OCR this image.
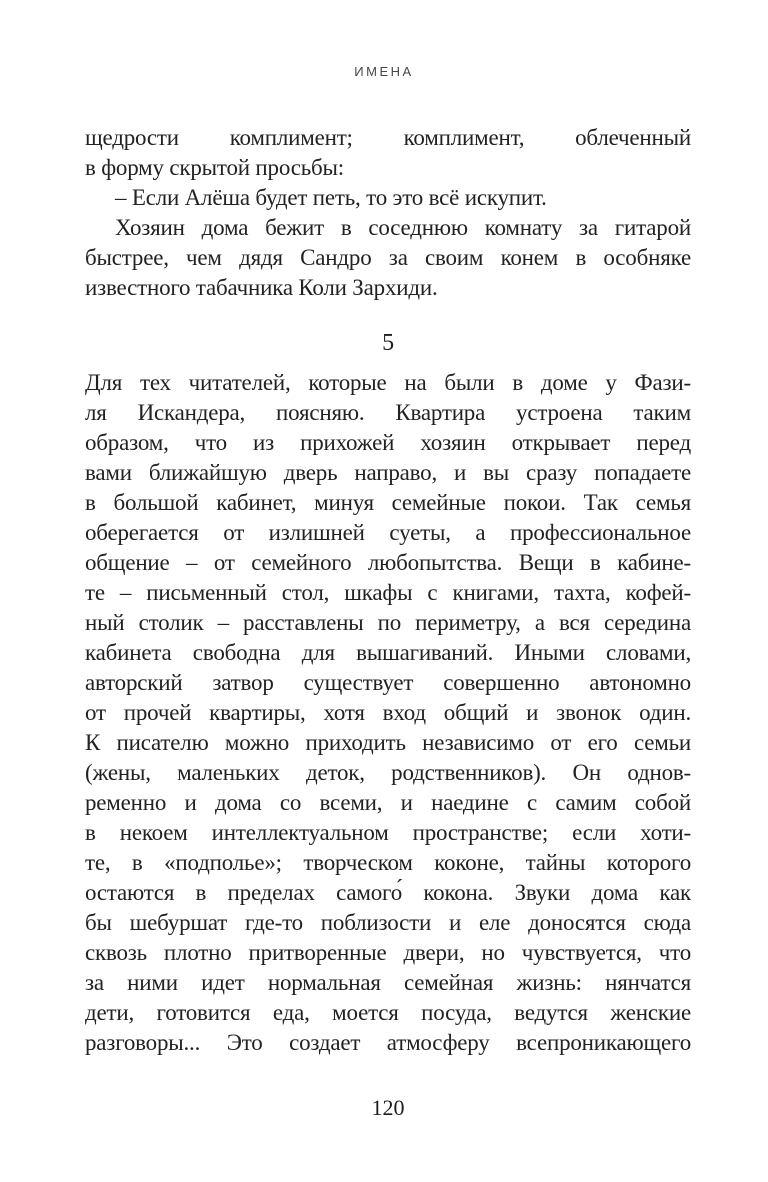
ИМЕНА
щедрости комплимент; комплимент, облеченный
в форму скрытой просьбы:
– Если Алёша будет петь, то это всё искупит.
Хозяин дома бежит в соседнюю комнату за гитарой
быстрее, чем дядя Сандро за своим конем в особняке
известного табачника Коли Зархиди.
5
Для тех читателей, которые на были в доме у Фази-
ля Искандера, поясняю. Квартира устроена таким
образом, что из прихожей хозяин открывает перед
вами ближайшую дверь направо, и вы сразу попадаете
в большой кабинет, минуя семейные покои. Так семья
оберегается от излишней суеты, а профессиональное
общение – от семейного любопытства. Вещи в кабине-
те – письменный стол, шкафы с книгами, тахта, кофей-
ный столик – расставлены по периметру, а вся середина
кабинета свободна для вышагиваний. Иными словами,
авторский затвор существует совершенно автономно
от прочей квартиры, хотя вход общий и звонок один.
К писателю можно приходить независимо от его семьи
(жены, маленьких деток, родственников). Он однов-
ременно и дома со всеми, и наедине с самим собой
в некоем интеллектуальном пространстве; если хоти-
те, в «подполье»; творческом коконе, тайны которого
остаются в пределах самого́ кокона. Звуки дома как
бы шебуршат где-то поблизости и еле доносятся сюда
сквозь плотно притворенные двери, но чувствуется, что
за ними идет нормальная семейная жизнь: нянчатся
дети, готовится еда, моется посуда, ведутся женские
разговоры... Это создает атмосферу всепроникающего
120
